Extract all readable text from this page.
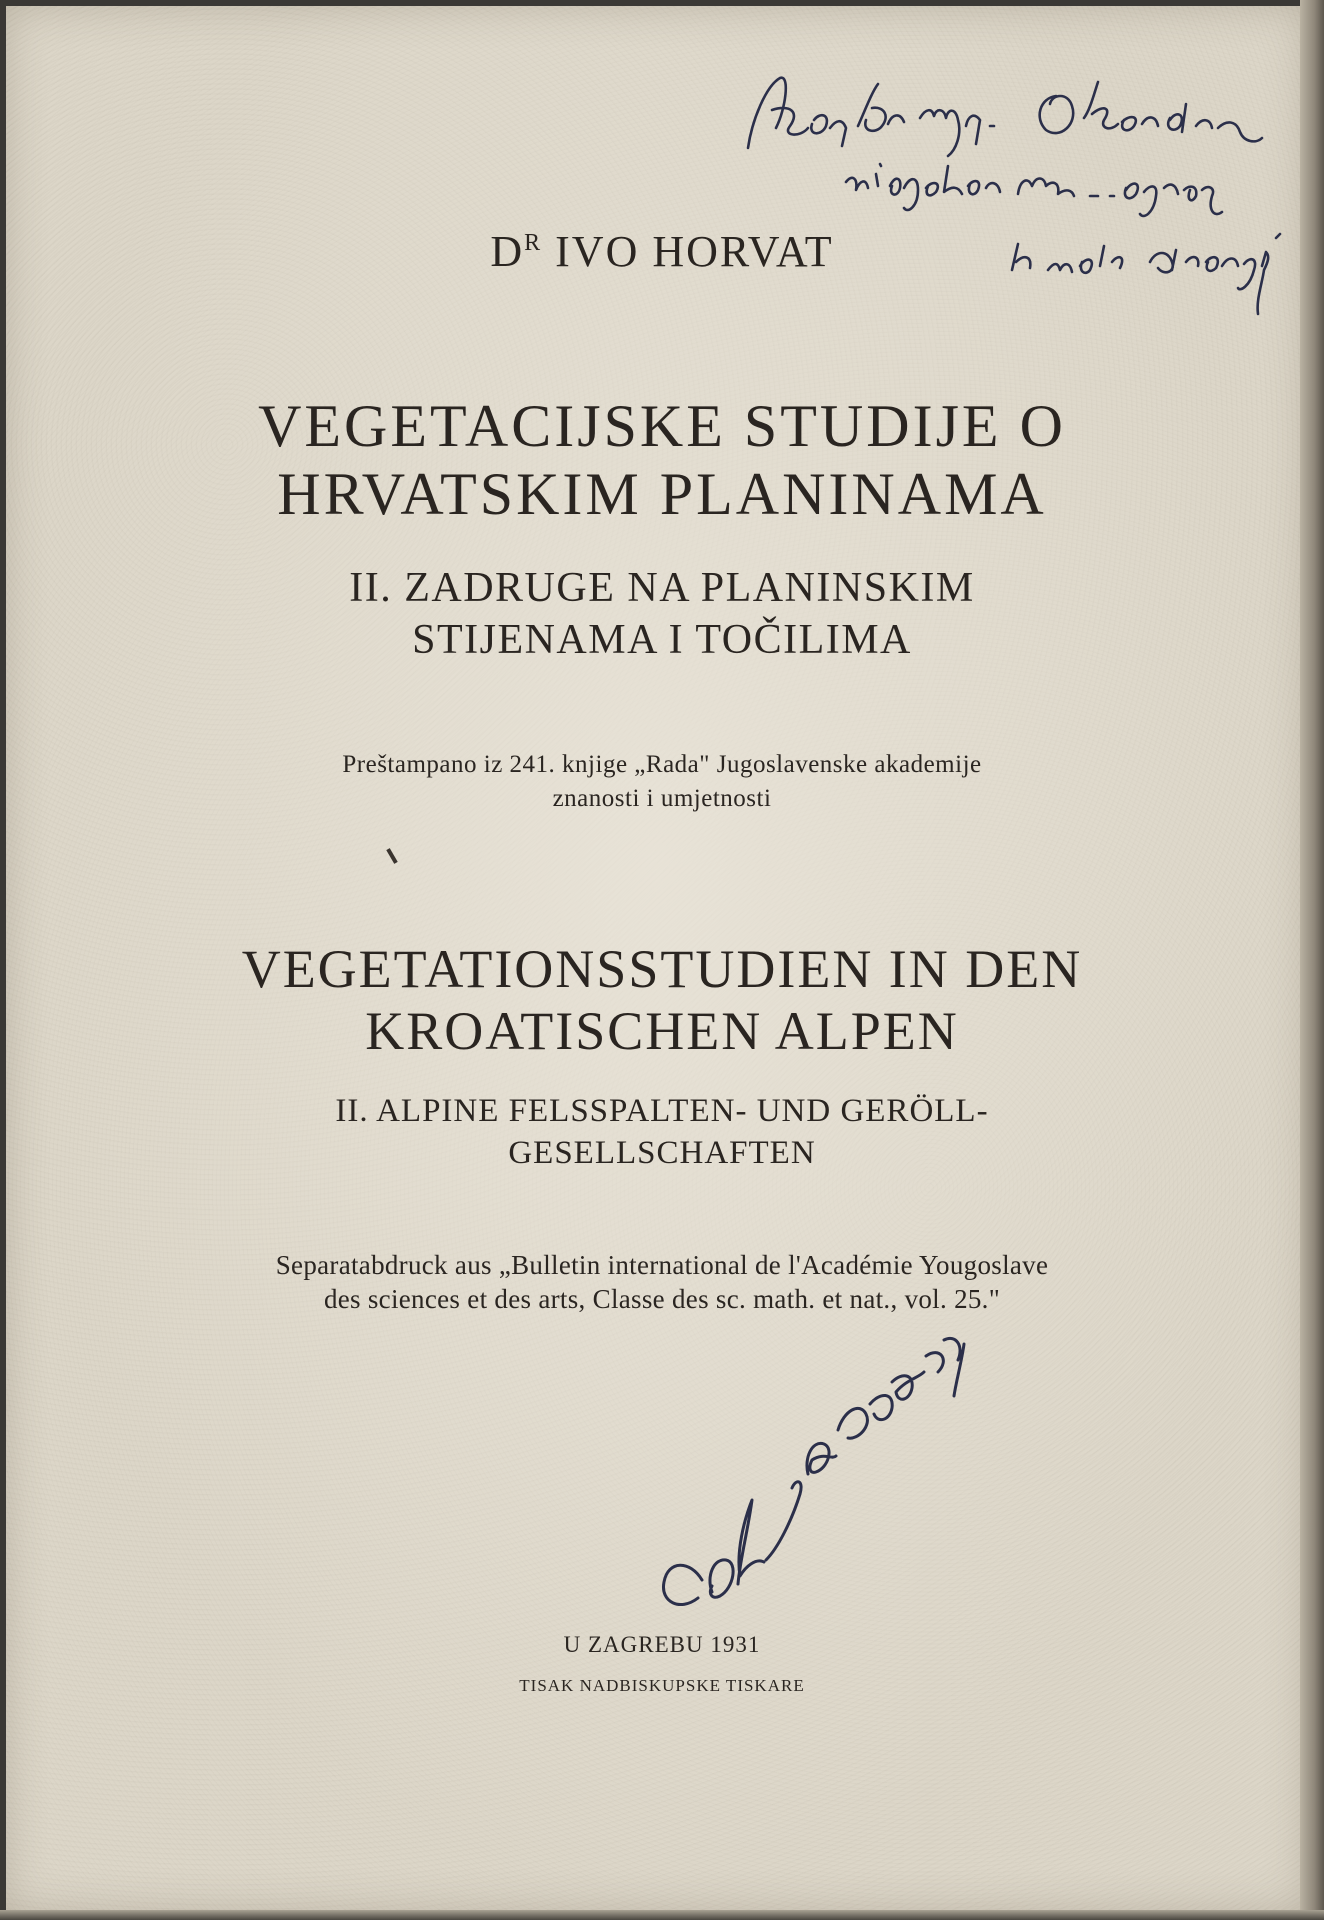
$D^R$ IVO HORVAT
VEGETACIJSKE STUDIJE O
HRVATSKIM PLANINAMA
II. ZADRUGE NA PLANINSKIM
STIJENAMA I TOČILIMA
Preštampano iz 241. knjige „Rada" Jugoslavenske akademije
znanosti i umjetnosti
VEGETATIONSSTUDIEN IN DEN
KROATISCHEN ALPEN
II. ALPINE FELSSPALTEN- UND GERÖLL-
GESELLSCHAFTEN
Separatabdruck aus „Bulletin international de l'Académie Yougoslave
des sciences et des arts, Classe des sc. math. et nat., vol. 25."
U ZAGREBU 1931
TISAK NADBISKUPSKE TISKARE
